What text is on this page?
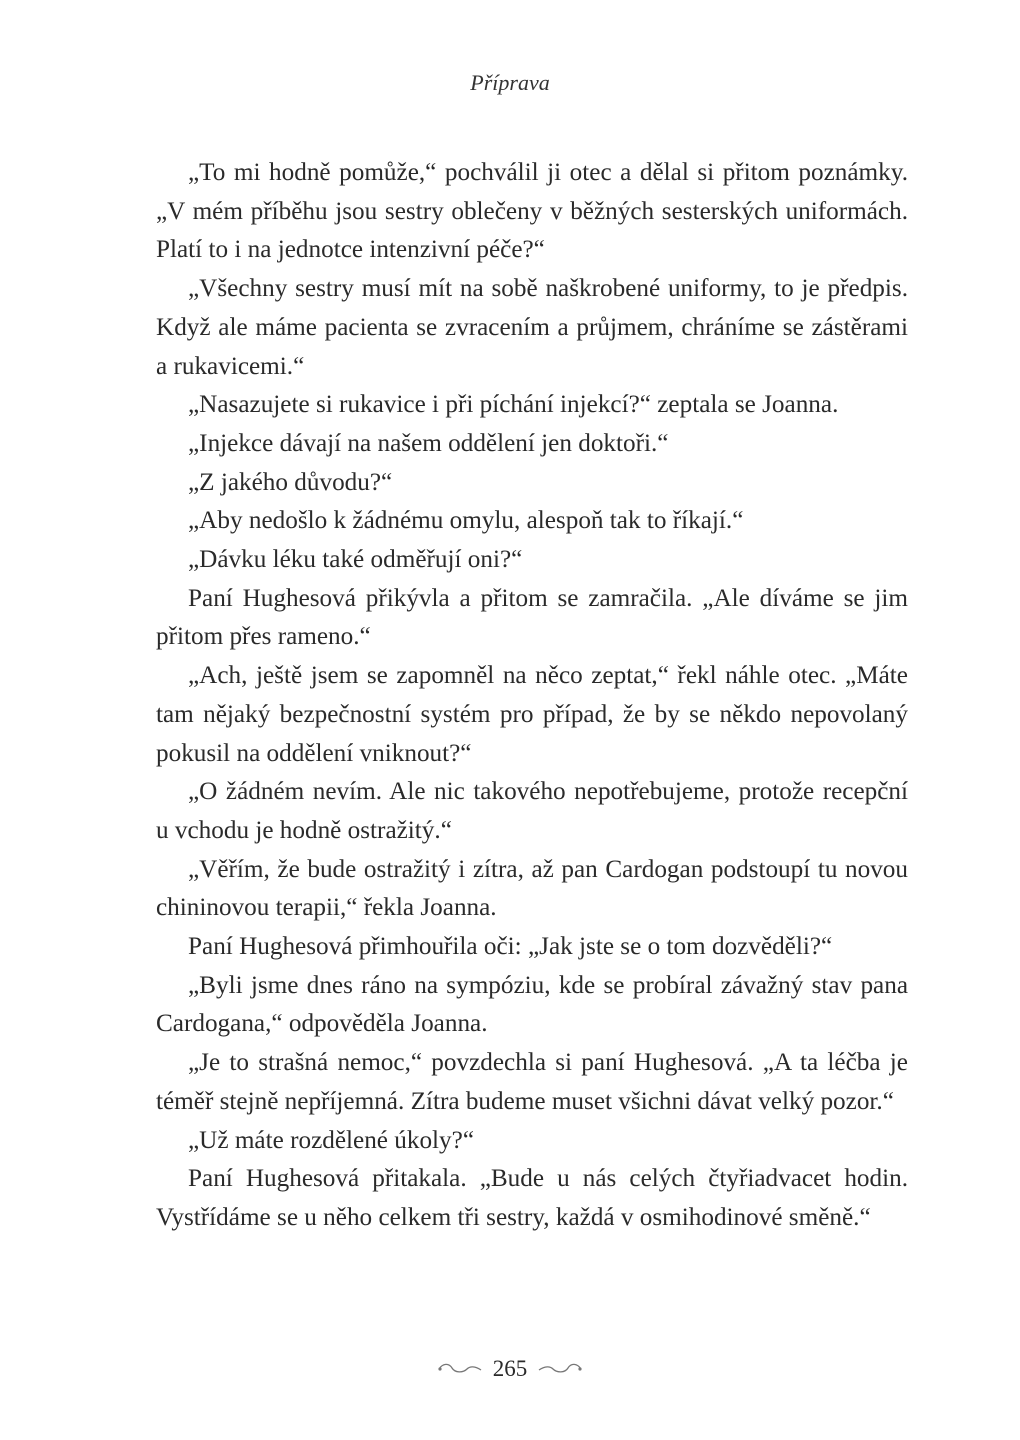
Příprava

„To mi hodně pomůže,“ pochválil ji otec a dělal si přitom poznámky. „V mém příběhu jsou sestry oblečeny v běžných sesterských uniformách. Platí to i na jednotce intenzivní péče?“

„Všechny sestry musí mít na sobě naškrobené uniformy, to je předpis. Když ale máme pacienta se zvracením a průjmem, chráníme se zástěrami a rukavicemi.“

„Nasazujete si rukavice i při píchání injekcí?“ zeptala se Joanna.

„Injekce dávají na našem oddělení jen doktoři.“

„Z jakého důvodu?“

„Aby nedošlo k žádnému omylu, alespoň tak to říkají.“

„Dávku léku také odměřují oni?“

Paní Hughesová přikývla a přitom se zamračila. „Ale díváme se jim přitom přes rameno.“

„Ach, ještě jsem se zapomněl na něco zeptat,“ řekl náhle otec. „Máte tam nějaký bezpečnostní systém pro případ, že by se někdo nepovolaný pokusil na oddělení vniknout?“

„O žádném nevím. Ale nic takového nepotřebujeme, protože recepční u vchodu je hodně ostražitý.“

„Věřím, že bude ostražitý i zítra, až pan Cardogan podstoupí tu novou chininovou terapii,“ řekla Joanna.

Paní Hughesová přimhouřila oči: „Jak jste se o tom dozvěděli?“

„Byli jsme dnes ráno na sympóziu, kde se probíral závažný stav pana Cardogana,“ odpověděla Joanna.

„Je to strašná nemoc,“ povzdechla si paní Hughesová. „A ta léčba je téměř stejně nepříjemná. Zítra budeme muset všichni dávat velký pozor.“

„Už máte rozdělené úkoly?“

Paní Hughesová přitakala. „Bude u nás celých čtyřiadvacet hodin. Vystřídáme se u něho celkem tři sestry, každá v osmihodinové směně.“

265
